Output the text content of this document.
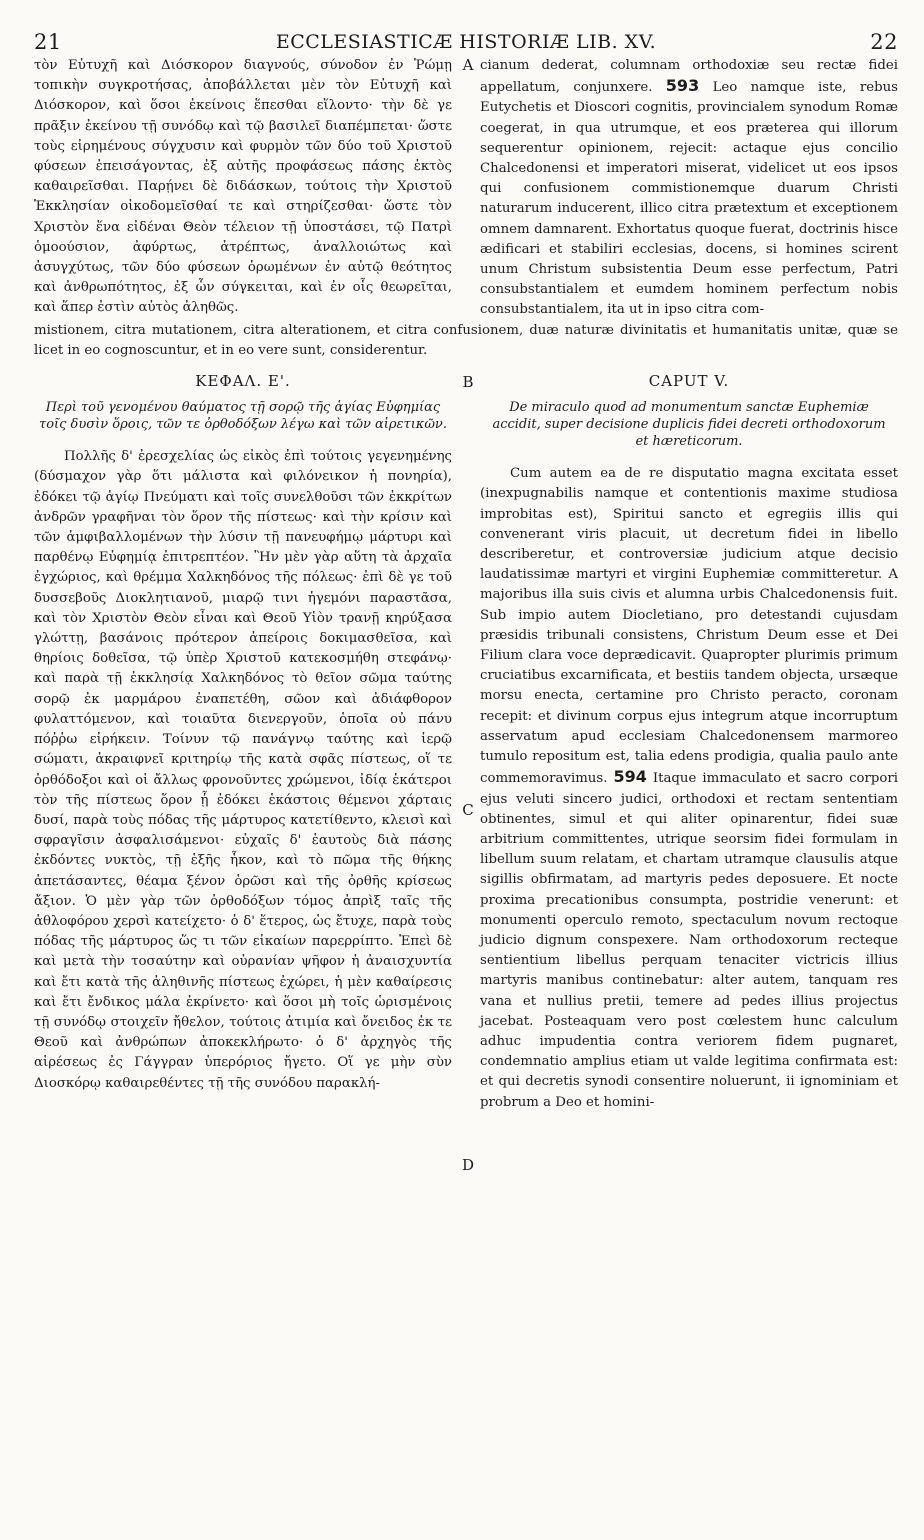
21	ECCLESIASTICÆ HISTORIÆ LIB. XV.	22

τὸν Εὐτυχῆ καὶ Διόσκορον διαγνούς, σύνοδον ἐν Ῥώμῃ τοπικὴν συγκροτήσας, ἀποβάλλεται μὲν τὸν Εὐτυχῆ καὶ Διόσκορον, καὶ ὅσοι ἐκείνοις ἕπεσθαι εἵλοντο· τὴν δὲ γε πρᾶξιν ἐκείνου τῇ συνόδῳ καὶ τῷ βασιλεῖ διαπέμπεται· ὥστε τοὺς εἰρημένους σύγχυσιν καὶ φυρμὸν τῶν δύο τοῦ Χριστοῦ φύσεων ἐπεισάγοντας, ἐξ αὐτῆς προφάσεως πάσης ἐκτὸς καθαιρεῖσθαι. Παρῄνει δὲ διδάσκων, τούτοις τὴν Χριστοῦ Ἐκκλησίαν οἰκοδομεῖσθαί τε καὶ στηρίζεσθαι· ὥστε τὸν Χριστὸν ἕνα εἰδέναι Θεὸν τέλειον τῇ ὑποστάσει, τῷ Πατρὶ ὁμοούσιον, ἀφύρτως, ἀτρέπτως, ἀναλλοιώτως καὶ ἀσυγχύτως, τῶν δύο φύσεων ὁρωμένων ἐν αὐτῷ θεότητος καὶ ἀνθρωπότητος, ἐξ ὧν σύγκειται, καὶ ἐν οἷς θεωρεῖται, καὶ ἅπερ ἐστὶν αὐτὸς ἀληθῶς.

A cianum dederat, columnam orthodoxiæ seu rectæ fidei appellatum, conjunxere. 593 Leo namque iste, rebus Eutychetis et Dioscori cognitis, provincialem synodum Romæ coegerat, in qua utrumque, et eos præterea qui illorum sequerentur opinionem, rejecit: actaque ejus concilio Chalcedonensi et imperatori miserat, videlicet ut eos ipsos qui confusionem commistionemque duarum Christi naturarum inducerent, illico citra prætextum et exceptionem omnem damnarent. Exhortatus quoque fuerat, doctrinis hisce ædificari et stabiliri ecclesias, docens, si homines scirent unum Christum subsistentia Deum esse perfectum, Patri consubstantialem et eumdem hominem perfectum nobis consubstantialem, ita ut in ipso citra com-

mistionem, citra mutationem, citra alterationem, et citra confusionem, duæ naturæ divinitatis et humanitatis unitæ, quæ se licet in eo cognoscuntur, et in eo vere sunt, considerentur.

ΚΕΦΑΛ. Ε'.
Περὶ τοῦ γενομένου θαύματος τῇ σορῷ τῆς ἁγίας Εὐφημίας τοῖς δυσὶν ὅροις, τῶν τε ὀρθοδόξων λέγω καὶ τῶν αἱρετικῶν.

Πολλῆς δ' ἐρεσχελίας ὡς εἰκὸς ἐπὶ τούτοις γεγενημένης (δύσμαχον γὰρ ὅτι μάλιστα καὶ φιλόνεικον ἡ πονηρία), ἐδόκει τῷ ἁγίῳ Πνεύματι καὶ τοῖς συνελθοῦσι τῶν ἐκκρίτων ἀνδρῶν γραφῆναι τὸν ὅρον τῆς πίστεως· καὶ τὴν κρίσιν καὶ τῶν ἀμφιβαλλομένων τὴν λύσιν τῇ πανευφήμῳ μάρτυρι καὶ παρθένῳ Εὐφημίᾳ ἐπιτρεπτέον. Ἣν μὲν γὰρ αὕτη τὰ ἀρχαῖα ἐγχώριος, καὶ θρέμμα Χαλκηδόνος τῆς πόλεως· ἐπὶ δὲ γε τοῦ δυσσεβοῦς Διοκλητιανοῦ, μιαρῷ τινι ἡγεμόνι παραστᾶσα, καὶ τὸν Χριστὸν Θεὸν εἶναι καὶ Θεοῦ Υἱὸν τρανῇ κηρύξασα γλώττῃ, βασάνοις πρότερον ἀπείροις δοκιμασθεῖσα, καὶ θηρίοις δοθεῖσα, τῷ ὑπὲρ Χριστοῦ κατεκοσμήθη στεφάνῳ· καὶ παρὰ τῇ ἐκκλησίᾳ Χαλκηδόνος τὸ θεῖον σῶμα ταύτης σορῷ ἐκ μαρμάρου ἐναπετέθη, σῶον καὶ ἀδιάφθορον φυλαττόμενον, καὶ τοιαῦτα διενεργοῦν, ὁποῖα οὐ πάνυ πόῤῥω εἰρήκειν. Τοίνυν τῷ πανάγνῳ ταύτης καὶ ἱερῷ σώματι, ἀκραιφνεῖ κριτηρίῳ τῆς κατὰ σφᾶς πίστεως, οἵ τε ὀρθόδοξοι καὶ οἱ ἄλλως φρονοῦντες χρώμενοι, ἰδίᾳ ἑκάτεροι τὸν τῆς πίστεως ὅρον ᾗ ἐδόκει ἑκάστοις θέμενοι χάρταις δυσί, παρὰ τοὺς πόδας τῆς μάρτυρος κατετίθεντο, κλεισὶ καὶ σφραγῖσιν ἀσφαλισάμενοι· εὐχαῖς δ' ἑαυτοὺς διὰ πάσης ἐκδόντες νυκτὸς, τῇ ἑξῆς ἧκον, καὶ τὸ πῶμα τῆς θήκης ἀπετάσαντες, θέαμα ξένον ὁρῶσι καὶ τῆς ὀρθῆς κρίσεως ἄξιον. Ὁ μὲν γὰρ τῶν ὀρθοδόξων τόμος ἀπρὶξ ταῖς τῆς ἀθλοφόρου χερσὶ κατείχετο· ὁ δ' ἕτερος, ὡς ἔτυχε, παρὰ τοὺς πόδας τῆς μάρτυρος ὥς τι τῶν εἰκαίων παρερρίπτο. Ἐπεὶ δὲ καὶ μετὰ τὴν τοσαύτην καὶ οὐρανίαν ψῆφον ἡ ἀναισχυντία καὶ ἔτι κατὰ τῆς ἀληθινῆς πίστεως ἐχώρει, ἡ μὲν καθαίρεσις καὶ ἔτι ἔνδικος μάλα ἐκρίνετο· καὶ ὅσοι μὴ τοῖς ὡρισμένοις τῇ συνόδῳ στοιχεῖν ἤθελον, τούτοις ἀτιμία καὶ ὄνειδος ἐκ τε Θεοῦ καὶ ἀνθρώπων ἀποκεκλήρωτο· ὁ δ' ἀρχηγὸς τῆς αἱρέσεως ἐς Γάγγραν ὑπερόριος ἤγετο. Οἵ γε μὴν σὺν Διοσκόρῳ καθαιρεθέντες τῇ τῆς συνόδου παρακλή-

B
C
D
CAPUT V.
De miraculo quod ad monumentum sanctæ Euphemiæ accidit, super decisione duplicis fidei decreti orthodoxorum et hæreticorum.

Cum autem ea de re disputatio magna excitata esset (inexpugnabilis namque et contentionis maxime studiosa improbitas est), Spiritui sancto et egregiis illis qui convenerant viris placuit, ut decretum fidei in libello describeretur, et controversiæ judicium atque decisio laudatissimæ martyri et virgini Euphemiæ committeretur. A majoribus illa suis civis et alumna urbis Chalcedonensis fuit. Sub impio autem Diocletiano, pro detestandi cujusdam præsidis tribunali consistens, Christum Deum esse et Dei Filium clara voce deprædicavit. Quapropter plurimis primum cruciatibus excarnificata, et bestiis tandem objecta, ursæque morsu enecta, certamine pro Christo peracto, coronam recepit: et divinum corpus ejus integrum atque incorruptum asservatum apud ecclesiam Chalcedonensem marmoreo tumulo repositum est, talia edens prodigia, qualia paulo ante commemoravimus. 594 Itaque immaculato et sacro corpori ejus veluti sincero judici, orthodoxi et rectam sententiam obtinentes, simul et qui aliter opinarentur, fidei suæ arbitrium committentes, utrique seorsim fidei formulam in libellum suum relatam, et chartam utramque clausulis atque sigillis obfirmatam, ad martyris pedes deposuere. Et nocte proxima precationibus consumpta, postridie venerunt: et monumenti operculo remoto, spectaculum novum rectoque judicio dignum conspexere. Nam orthodoxorum recteque sentientium libellus perquam tenaciter victricis illius martyris manibus continebatur: alter autem, tanquam res vana et nullius pretii, temere ad pedes illius projectus jacebat. Posteaquam vero post cœlestem hunc calculum adhuc impudentia contra veriorem fidem pugnaret, condemnatio amplius etiam ut valde legitima confirmata est: et qui decretis synodi consentire noluerunt, ii ignominiam et probrum a Deo et homini-
